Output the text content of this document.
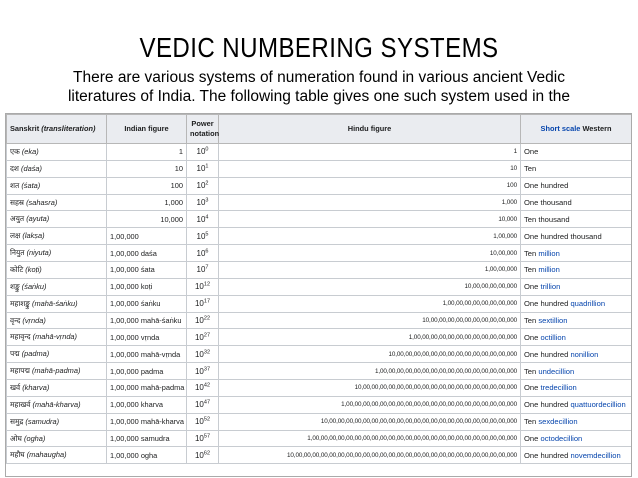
VEDIC NUMBERING SYSTEMS
There are various systems of numeration found in various ancient Vedic
literatures of India. The following table gives one such system used in the
Sanskrit (transliteration)	Indian figure	Power notation	Hindu figure	Short scale Western
एक (eka)	1	$10^0$	1	One
दश (daśa)	10	$10^1$	10	Ten
शत (śata)	100	$10^2$	100	One hundred
सहस्र (sahasra)	1,000	$10^3$	1,000	One thousand
अयुत (ayuta)	10,000	$10^4$	10,000	Ten thousand
लक्ष (lakṣa)	1,00,000	$10^5$	1,00,000	One hundred thousand
नियुत (niyuta)	1,00,000 daśa	$10^6$	10,00,000	Ten million
कोटि (koṭi)	1,00,000 śata	$10^7$	1,00,00,000	Ten million
शङ्कु (śaṅku)	1,00,000 koṭi	$10^{12}$	10,00,00,00,00,000	One trillion
महाशङ्कु (mahā-śaṅku)	1,00,000 śaṅku	$10^{17}$	1,00,00,00,00,00,00,00,000	One hundred quadrillion
वृन्द (vṛnda)	1,00,000 mahā-śaṅku	$10^{22}$	10,00,00,00,00,00,00,00,00,00,000	Ten sextillion
महावृन्द (mahā-vṛnda)	1,00,000 vṛnda	$10^{27}$	1,00,00,00,00,00,00,00,00,00,00,00,000	One octillion
पद्म (padma)	1,00,000 mahā-vṛnda	$10^{32}$	10,00,00,00,00,00,00,00,00,00,00,00,00,00,000	One hundred nonillion
महापद्म (mahā-padma)	1,00,000 padma	$10^{37}$	1,00,00,00,00,00,00,00,00,00,00,00,00,00,00,00,000	Ten undecillion
खर्व (kharva)	1,00,000 mahā-padma	$10^{42}$	10,00,00,00,00,00,00,00,00,00,00,00,00,00,00,00,00,00,000	One tredecillion
महाखर्व (mahā-kharva)	1,00,000 kharva	$10^{47}$	1,00,00,00,00,00,00,00,00,00,00,00,00,00,00,00,00,00,00,00,000	One hundred quattuordecillion
समुद्र (samudra)	1,00,000 mahā-kharva	$10^{52}$	10,00,00,00,00,00,00,00,00,00,00,00,00,00,00,00,00,00,00,00,00,00,000	Ten sexdecillion
ओघ (ogha)	1,00,000 samudra	$10^{57}$	1,00,00,00,00,00,00,00,00,00,00,00,00,00,00,00,00,00,00,00,00,00,00,00,000	One octodecillion
महौघ (mahaugha)	1,00,000 ogha	$10^{62}$	10,00,00,00,00,00,00,00,00,00,00,00,00,00,00,00,00,00,00,00,00,00,00,00,00,00,000	One hundred novemdecillion
